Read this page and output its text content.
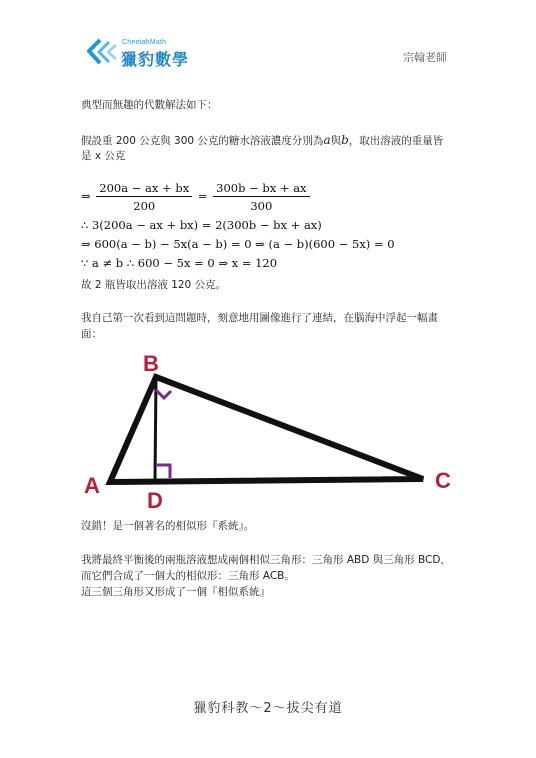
CheetahMath
獵豹數學	宗翰老師
典型而無趣的代數解法如下：
假設重 200 公克與 300 公克的糖水溶液濃度分別為a與b，取出溶液的重量皆
是 x 公克
⇒ $\frac{200a - ax + bx}{200} = \frac{300b - bx + ax}{300}$
∴ 3(200a − ax + bx) = 2(300b − bx + ax)
⇒ 600(a − b) − 5x(a − b) = 0 ⇒ (a − b)(600 − 5x) = 0
∵ a ≠ b ∴ 600 − 5x = 0 ⇒ x = 120
故 2 瓶皆取出溶液 120 公克。
我自己第一次看到這問題時，刻意地用圖像進行了連結，在腦海中浮起一幅畫
面：
B
A	C
D
沒錯！是一個著名的相似形『系統』。
我將最終平衡後的兩瓶溶液想成兩個相似三角形：三角形 ABD 與三角形 BCD，
而它們合成了一個大的相似形：三角形 ACB。
這三個三角形又形成了一個『相似系統』
獵豹科教～2～拔尖有道
